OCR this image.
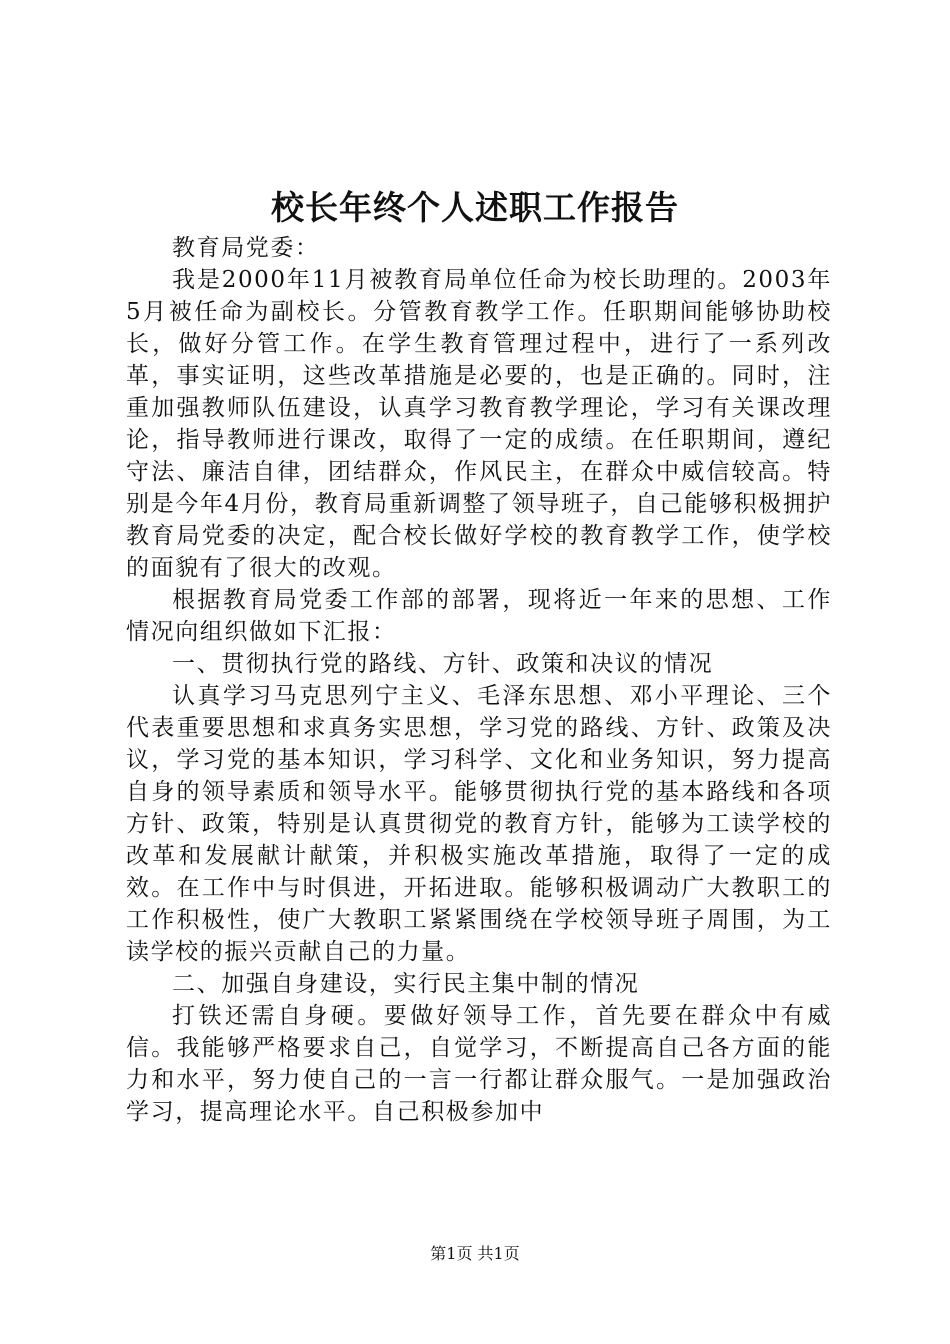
校长年终个人述职工作报告

教育局党委：

我是2000年11月被教育局单位任命为校长助理的。2003年5月被任命为副校长。分管教育教学工作。任职期间能够协助校长，做好分管工作。在学生教育管理过程中，进行了一系列改革，事实证明，这些改革措施是必要的，也是正确的。同时，注重加强教师队伍建设，认真学习教育教学理论，学习有关课改理论，指导教师进行课改，取得了一定的成绩。在任职期间，遵纪守法、廉洁自律，团结群众，作风民主，在群众中威信较高。特别是今年4月份，教育局重新调整了领导班子，自己能够积极拥护教育局党委的决定，配合校长做好学校的教育教学工作，使学校的面貌有了很大的改观。

根据教育局党委工作部的部署，现将近一年来的思想、工作情况向组织做如下汇报：

一、贯彻执行党的路线、方针、政策和决议的情况

认真学习马克思列宁主义、毛泽东思想、邓小平理论、三个代表重要思想和求真务实思想，学习党的路线、方针、政策及决议，学习党的基本知识，学习科学、文化和业务知识，努力提高自身的领导素质和领导水平。能够贯彻执行党的基本路线和各项方针、政策，特别是认真贯彻党的教育方针，能够为工读学校的改革和发展献计献策，并积极实施改革措施，取得了一定的成效。在工作中与时俱进，开拓进取。能够积极调动广大教职工的工作积极性，使广大教职工紧紧围绕在学校领导班子周围，为工读学校的振兴贡献自己的力量。

二、加强自身建设，实行民主集中制的情况

打铁还需自身硬。要做好领导工作，首先要在群众中有威信。我能够严格要求自己，自觉学习，不断提高自己各方面的能力和水平，努力使自己的一言一行都让群众服气。一是加强政治学习，提高理论水平。自己积极参加中

第1页 共1页
